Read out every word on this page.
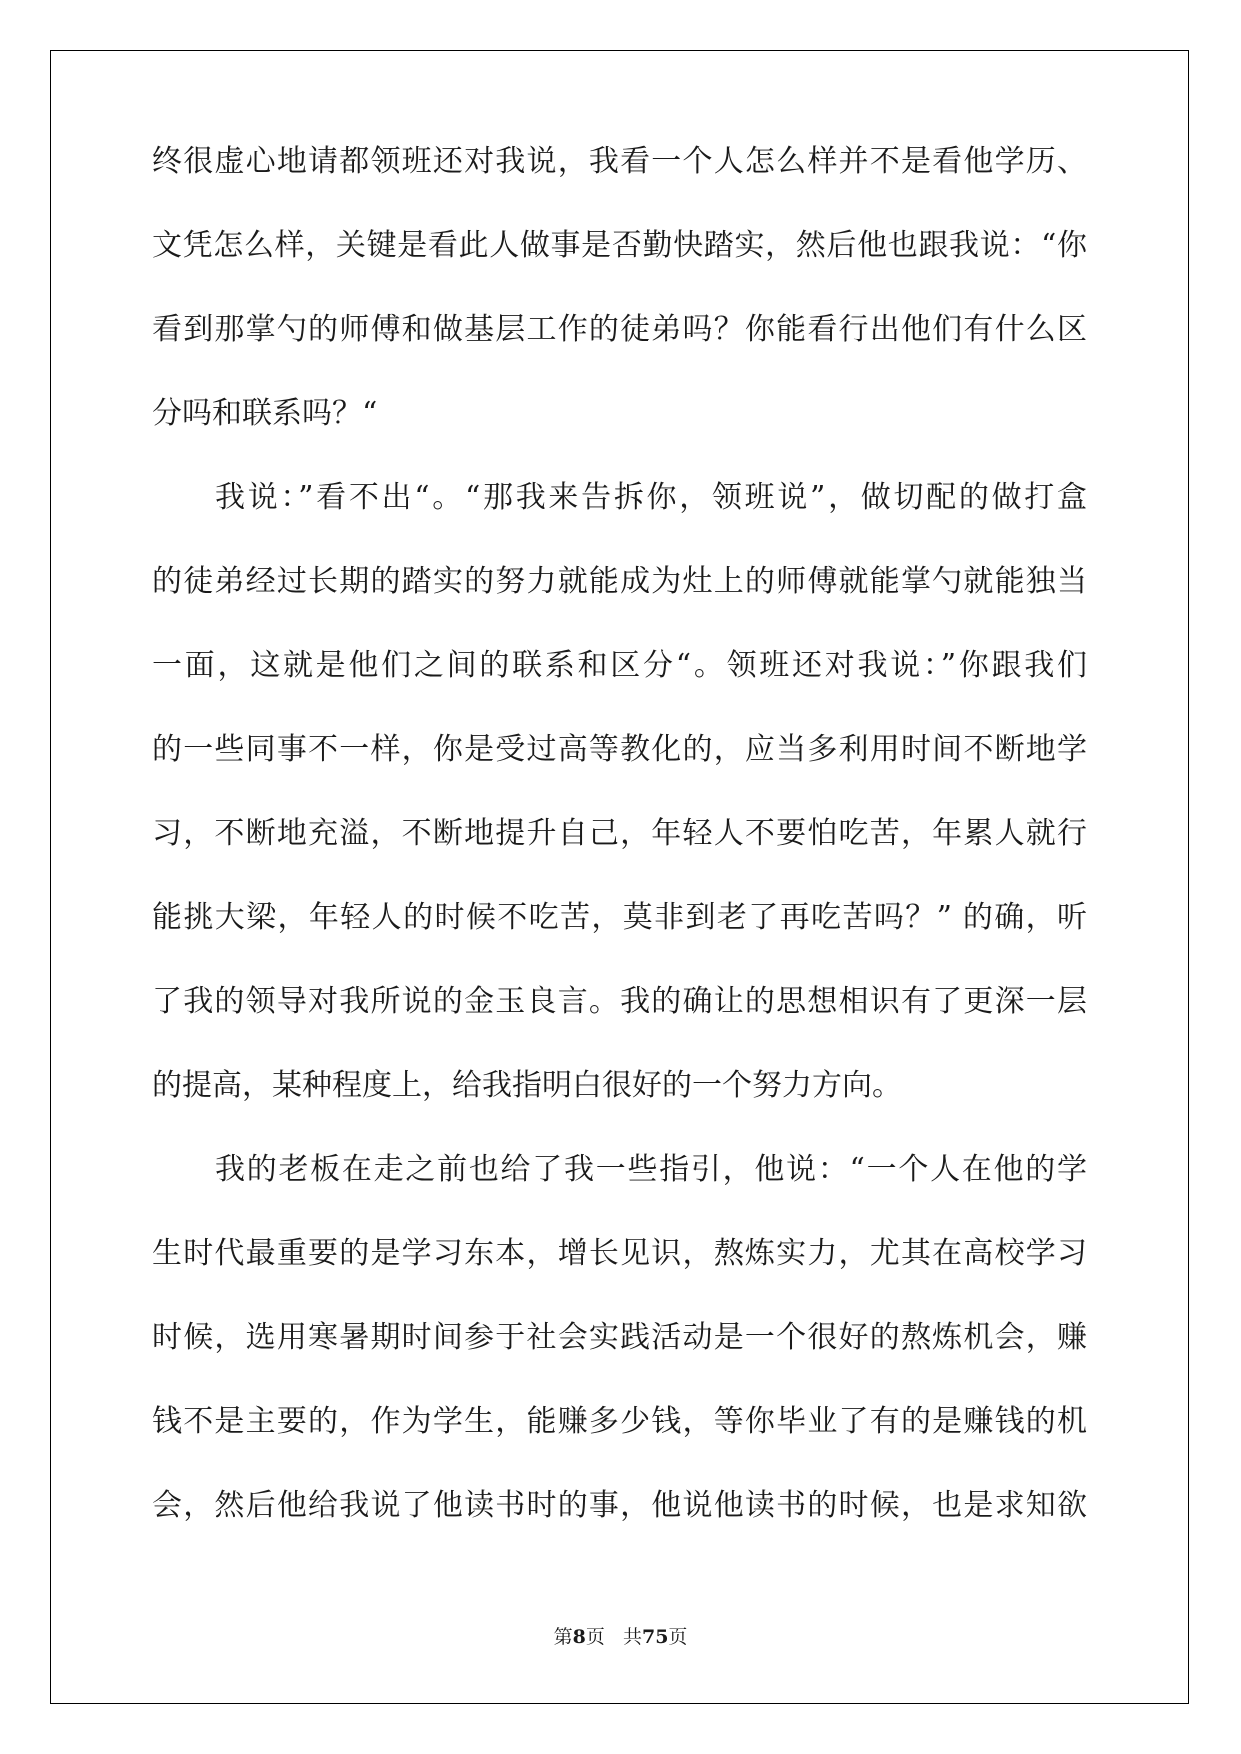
终很虚心地请都领班还对我说，我看一个人怎么样并不是看他学历、
文凭怎么样，关键是看此人做事是否勤快踏实，然后他也跟我说：“你
看到那掌勺的师傅和做基层工作的徒弟吗？你能看行出他们有什么区
分吗和联系吗？“
我说：”看不出“。“那我来告拆你，领班说”，做切配的做打盒
的徒弟经过长期的踏实的努力就能成为灶上的师傅就能掌勺就能独当
一面，这就是他们之间的联系和区分“。领班还对我说：”你跟我们
的一些同事不一样，你是受过高等教化的，应当多利用时间不断地学
习，不断地充溢，不断地提升自己，年轻人不要怕吃苦，年累人就行
能挑大梁，年轻人的时候不吃苦，莫非到老了再吃苦吗？” 的确，听
了我的领导对我所说的金玉良言。我的确让的思想相识有了更深一层
的提高，某种程度上，给我指明白很好的一个努力方向。
我的老板在走之前也给了我一些指引，他说：“一个人在他的学
生时代最重要的是学习东本，增长见识，熬炼实力，尤其在高校学习
时候，选用寒暑期时间参于社会实践活动是一个很好的熬炼机会，赚
钱不是主要的，作为学生，能赚多少钱，等你毕业了有的是赚钱的机
会，然后他给我说了他读书时的事，他说他读书的时候，也是求知欲
第8页 共75页
